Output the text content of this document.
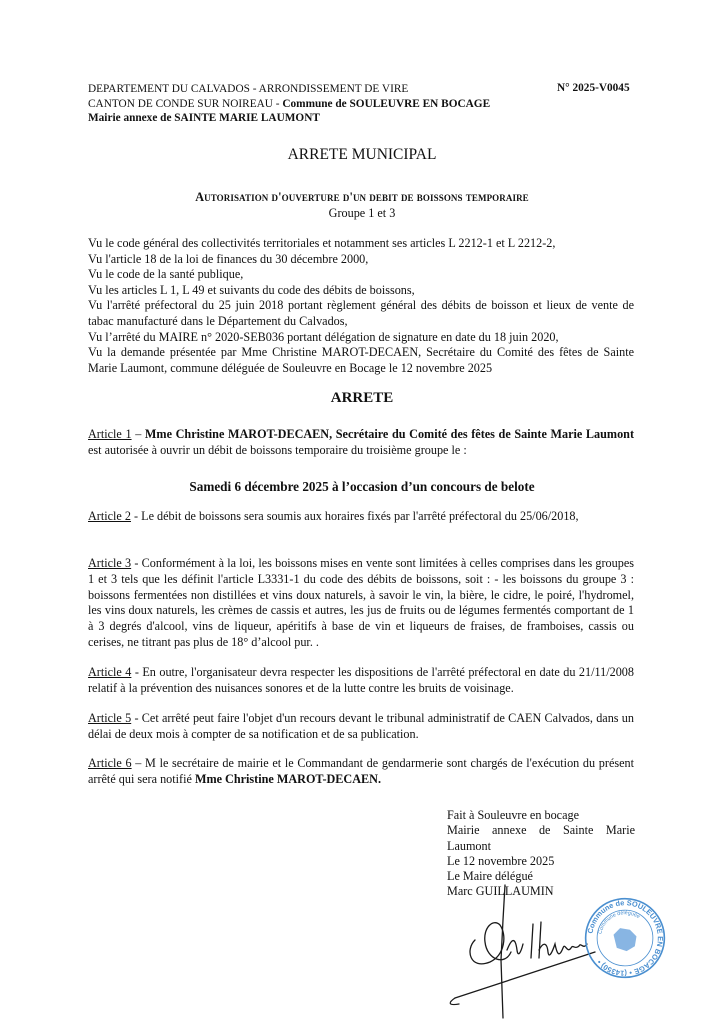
DEPARTEMENT DU CALVADOS - ARRONDISSEMENT DE VIRE
CANTON DE CONDE SUR NOIREAU - Commune de SOULEUVRE EN BOCAGE
Mairie annexe de SAINTE MARIE LAUMONT
N° 2025-V0045
ARRETE MUNICIPAL
Autorisation d'ouverture d'un debit de boissons temporaire
Groupe 1 et 3
Vu le code général des collectivités territoriales et notamment ses articles L 2212-1 et L 2212-2,
Vu l'article 18 de la loi de finances du 30 décembre 2000,
Vu le code de la santé publique,
Vu les articles L 1, L 49 et suivants du code des débits de boissons,
Vu l'arrêté préfectoral du 25 juin 2018 portant règlement général des débits de boisson et lieux de vente de tabac manufacturé dans le Département du Calvados,
Vu l’arrêté du MAIRE n° 2020-SEB036 portant délégation de signature en date du 18 juin 2020,
Vu la demande présentée par Mme Christine MAROT-DECAEN, Secrétaire du Comité des fêtes de Sainte Marie Laumont, commune déléguée de Souleuvre en Bocage le 12 novembre 2025
ARRETE
Article 1 – Mme Christine MAROT-DECAEN, Secrétaire du Comité des fêtes de Sainte Marie Laumont est autorisée à ouvrir un débit de boissons temporaire du troisième groupe le :
Samedi 6 décembre 2025 à l’occasion d’un concours de belote
Article 2 - Le débit de boissons sera soumis aux horaires fixés par l'arrêté préfectoral du 25/06/2018,
Article 3 - Conformément à la loi, les boissons mises en vente sont limitées à celles comprises dans les groupes 1 et 3 tels que les définit l'article L3331-1 du code des débits de boissons, soit : - les boissons du groupe 3 : boissons fermentées non distillées et vins doux naturels, à savoir le vin, la bière, le cidre, le poiré, l'hydromel, les vins doux naturels, les crèmes de cassis et autres, les jus de fruits ou de légumes fermentés comportant de 1 à 3 degrés d'alcool, vins de liqueur, apéritifs à base de vin et liqueurs de fraises, de framboises, cassis ou cerises, ne titrant pas plus de 18° d’alcool pur. .
Article 4 - En outre, l'organisateur devra respecter les dispositions de l'arrêté préfectoral en date du 21/11/2008 relatif à la prévention des nuisances sonores et de la lutte contre les bruits de voisinage.
Article 5 - Cet arrêté peut faire l'objet d'un recours devant le tribunal administratif de CAEN Calvados, dans un délai de deux mois à compter de sa notification et de sa publication.
Article 6 – M le secrétaire de mairie et le Commandant de gendarmerie sont chargés de l'exécution du présent arrêté qui sera notifié Mme Christine MAROT-DECAEN.
Fait à Souleuvre en bocage
Mairie annexe de Sainte Marie
Laumont
Le 12 novembre 2025
Le Maire délégué
Marc GUILLAUMIN
Commune de SOULEUVRE EN BOCAGE • (14350) •
Commune déléguée
